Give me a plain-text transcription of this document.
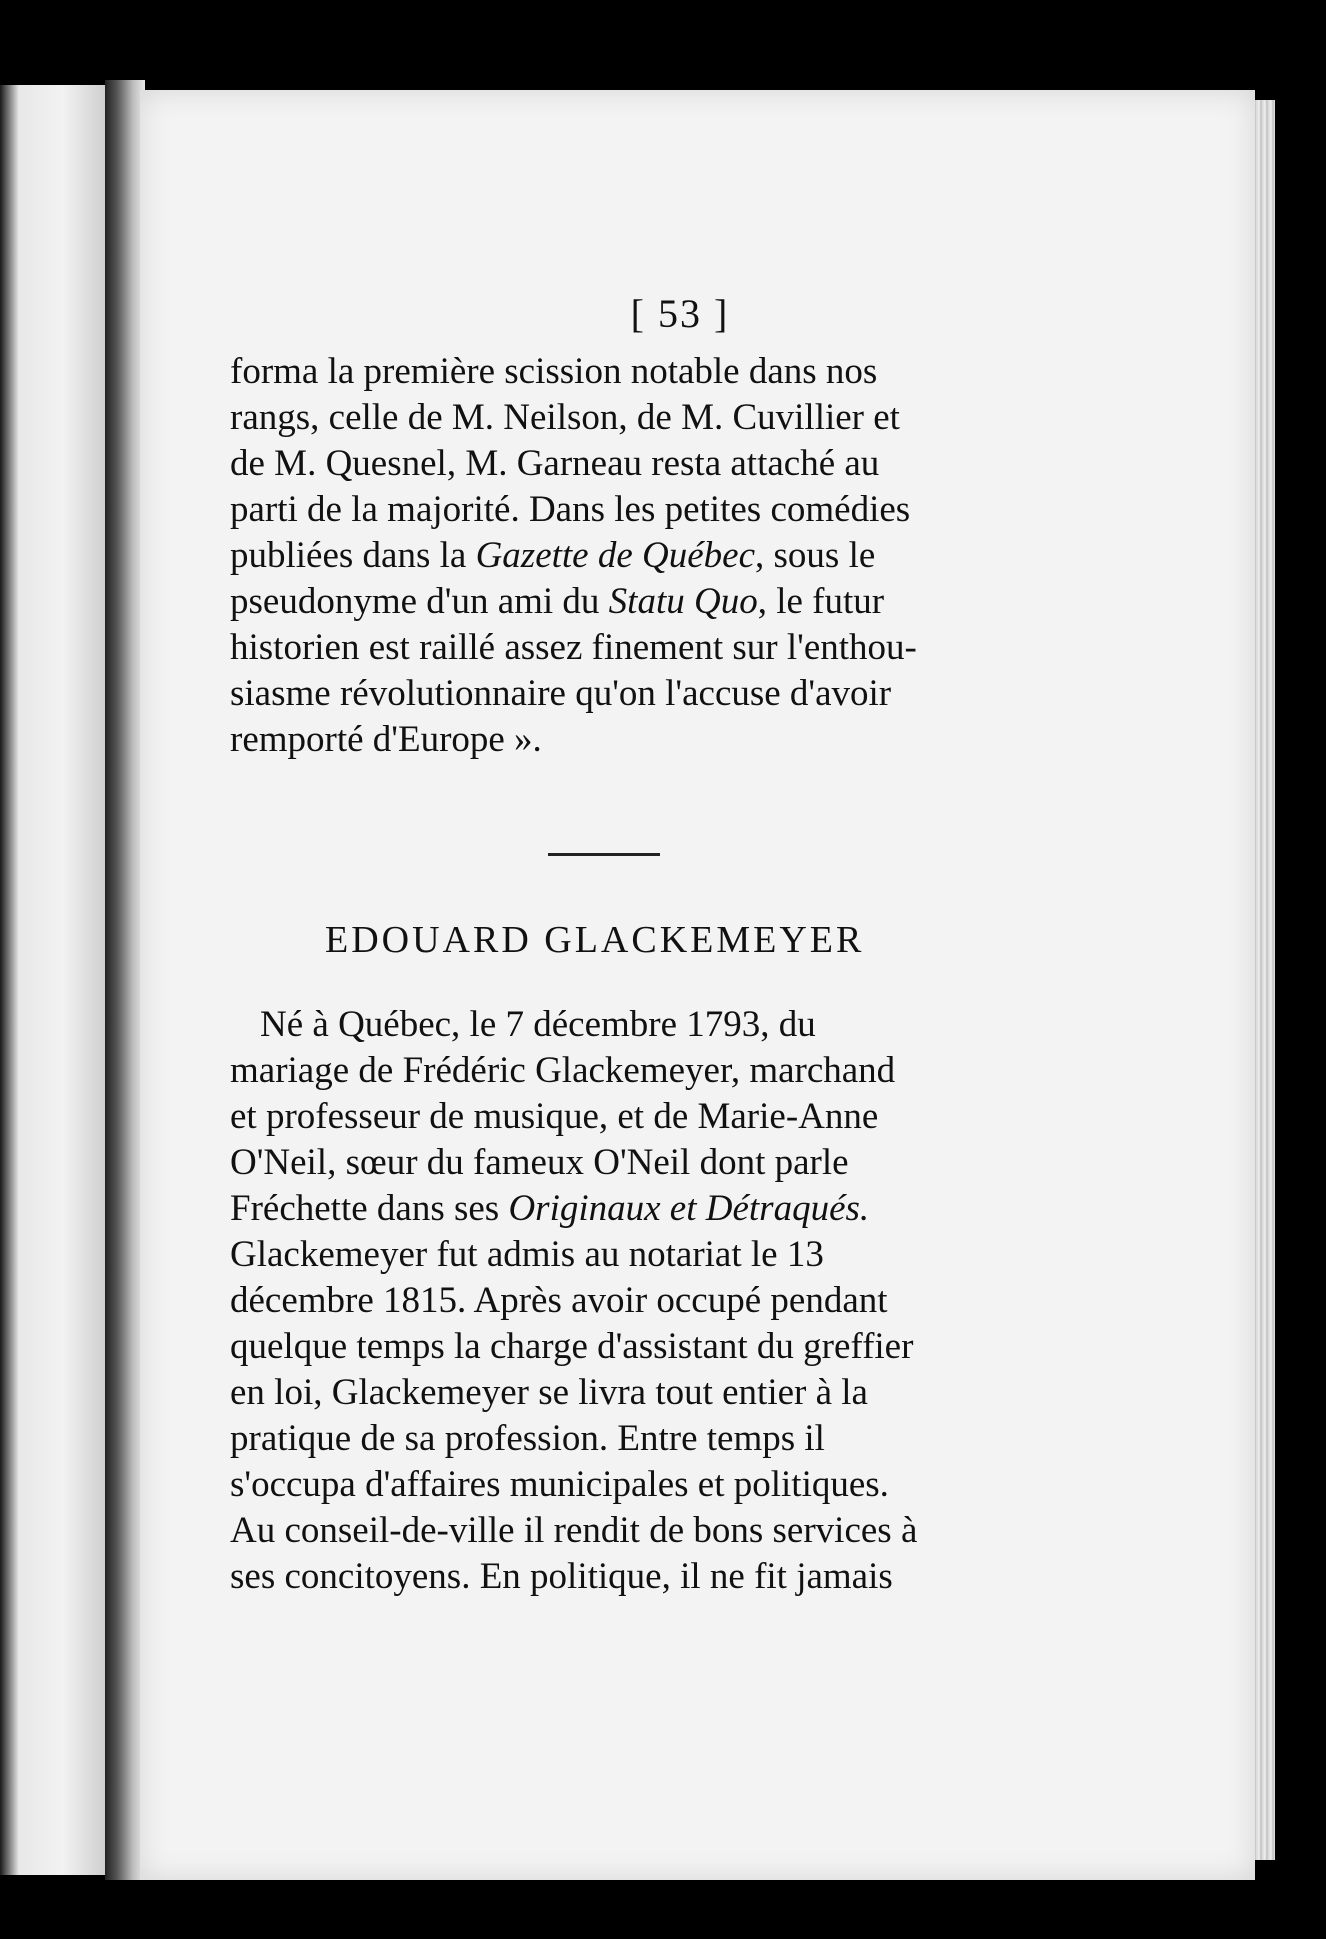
[ 53 ]

forma la première scission notable dans nos
rangs, celle de M. Neilson, de M. Cuvillier et
de M. Quesnel, M. Garneau resta attaché au
parti de la majorité. Dans les petites comédies
publiées dans la Gazette de Québec, sous le
pseudonyme d'un ami du Statu Quo, le futur
historien est raillé assez finement sur l'enthou-
siasme révolutionnaire qu'on l'accuse d'avoir
remporté d'Europe ».

EDOUARD GLACKEMEYER

Né à Québec, le 7 décembre 1793, du
mariage de Frédéric Glackemeyer, marchand
et professeur de musique, et de Marie-Anne
O'Neil, sœur du fameux O'Neil dont parle
Fréchette dans ses Originaux et Détraqués.
Glackemeyer fut admis au notariat le 13
décembre 1815. Après avoir occupé pendant
quelque temps la charge d'assistant du greffier
en loi, Glackemeyer se livra tout entier à la
pratique de sa profession. Entre temps il
s'occupa d'affaires municipales et politiques.
Au conseil-de-ville il rendit de bons services à
ses concitoyens. En politique, il ne fit jamais
